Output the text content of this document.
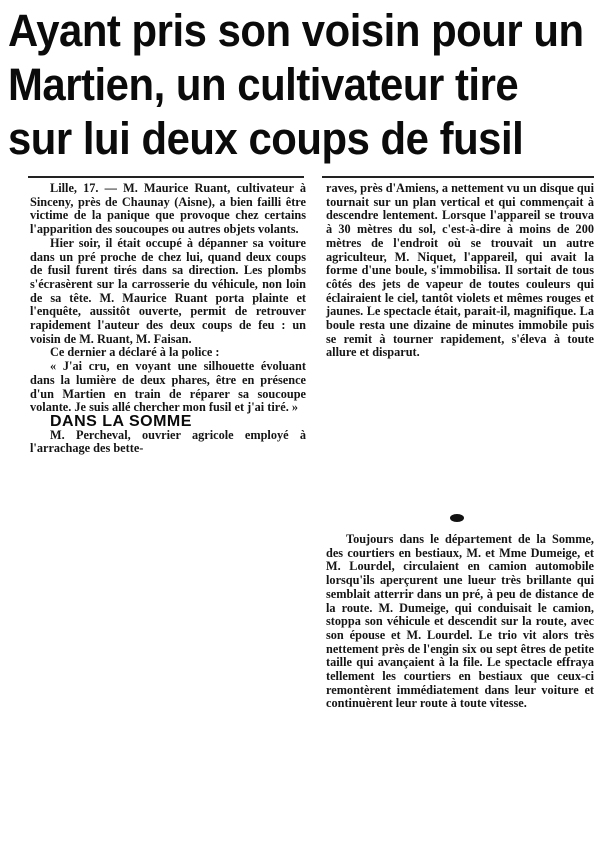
Ayant pris son voisin pour un
Martien, un cultivateur tire
sur lui deux coups de fusil

Lille, 17. — M. Maurice Ruant, cultivateur à Sinceny, près de Chaunay (Aisne), a bien failli être victime de la panique que provoque chez certains l'apparition des soucoupes ou autres objets volants.

Hier soir, il était occupé à dépanner sa voiture dans un pré proche de chez lui, quand deux coups de fusil furent tirés dans sa direction. Les plombs s'écrasèrent sur la carrosserie du véhicule, non loin de sa tête. M. Maurice Ruant porta plainte et l'enquête, aussitôt ouverte, permit de retrouver rapidement l'auteur des deux coups de feu : un voisin de M. Ruant, M. Faisan.

Ce dernier a déclaré à la police :

« J'ai cru, en voyant une silhouette évoluant dans la lumière de deux phares, être en présence d'un Martien en train de réparer sa soucoupe volante. Je suis allé chercher mon fusil et j'ai tiré. »

DANS LA SOMME

M. Percheval, ouvrier agricole employé à l'arrachage des bette-

raves, près d'Amiens, a nettement vu un disque qui tournait sur un plan vertical et qui commençait à descendre lentement. Lorsque l'appareil se trouva à 30 mètres du sol, c'est-à-dire à moins de 200 mètres de l'endroit où se trouvait un autre agriculteur, M. Niquet, l'appareil, qui avait la forme d'une boule, s'immobilisa. Il sortait de tous côtés des jets de vapeur de toutes couleurs qui éclairaient le ciel, tantôt violets et mêmes rouges et jaunes. Le spectacle était, parait-il, magnifique. La boule resta une dizaine de minutes immobile puis se remit à tourner rapidement, s'éleva à toute allure et disparut.

Toujours dans le département de la Somme, des courtiers en bestiaux, M. et Mme Dumeige, et M. Lourdel, circulaient en camion automobile lorsqu'ils aperçurent une lueur très brillante qui semblait atterrir dans un pré, à peu de distance de la route. M. Dumeige, qui conduisait le camion, stoppa son véhicule et descendit sur la route, avec son épouse et M. Lourdel. Le trio vit alors très nettement près de l'engin six ou sept êtres de petite taille qui avançaient à la file. Le spectacle effraya tellement les courtiers en bestiaux que ceux-ci remontèrent immédiatement dans leur voiture et continuèrent leur route à toute vitesse.
